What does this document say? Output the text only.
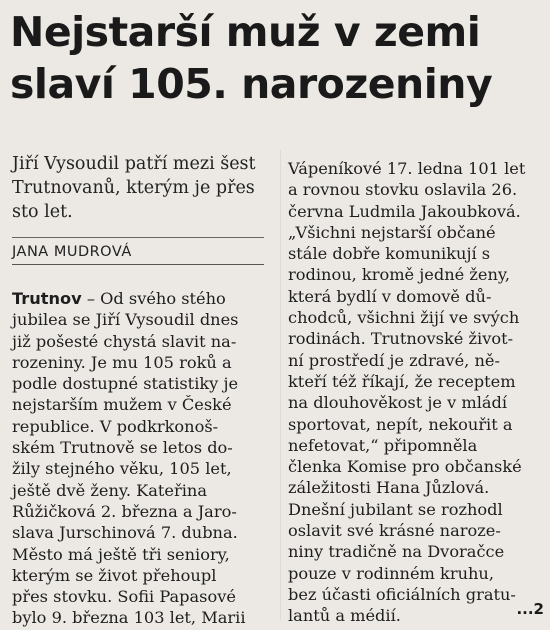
Nejstarší muž v zemi
slaví 105. narozeniny
Jiří Vysoudil patří mezi šest
Trutnovanů, kterým je přes
sto let.
JANA MUDROVÁ
Trutnov – Od svého stého
jubilea se Jiří Vysoudil dnes
již pošesté chystá slavit na-
rozeniny. Je mu 105 roků a
podle dostupné statistiky je
nejstarším mužem v České
republice. V podkrkonoš-
ském Trutnově se letos do-
žily stejného věku, 105 let,
ještě dvě ženy. Kateřina
Růžičková 2. března a Jaro-
slava Jurschinová 7. dubna.
Město má ještě tři seniory,
kterým se život přehoupl
přes stovku. Sofii Papasové
bylo 9. března 103 let, Marii
Vápeníkové 17. ledna 101 let
a rovnou stovku oslavila 26.
června Ludmila Jakoubková.
„Všichni nejstarší občané
stále dobře komunikují s
rodinou, kromě jedné ženy,
která bydlí v domově dů-
chodců, všichni žijí ve svých
rodinách. Trutnovské život-
ní prostředí je zdravé, ně-
kteří též říkají, že receptem
na dlouhověkost je v mládí
sportovat, nepít, nekouřit a
nefetovat,“ připomněla
členka Komise pro občanské
záležitosti Hana Jůzlová.
Dnešní jubilant se rozhodl
oslavit své krásné naroze-
niny tradičně na Dvoračce
pouze v rodinném kruhu,
bez účasti oficiálních gratu-
lantů a médií.	...2
